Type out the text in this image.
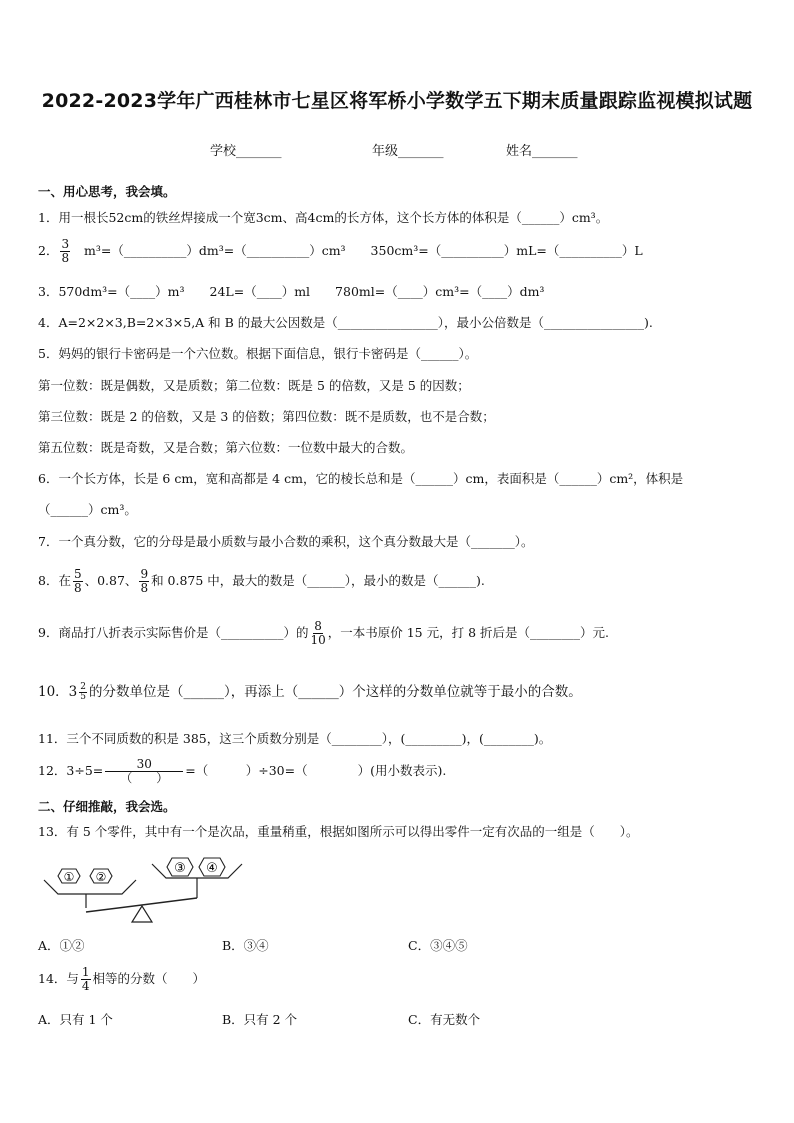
2022-2023学年广西桂林市七星区将军桥小学数学五下期末质量跟踪监视模拟试题
学校_______	年级_______	姓名_______
一、用心思考，我会填。
1．用一根长52cm的铁丝焊接成一个宽3cm、高4cm的长方体，这个长方体的体积是（______）cm³。
2． $\frac{3}{8}$ m³=（__________）dm³=（__________）cm³　　350cm³=（__________）mL=（__________）L
3．570dm³=（____）m³　　24L=（____）ml　　780ml=（____）cm³=（____）dm³
4．A=2×2×3,B=2×3×5,A 和 B 的最大公因数是（________________），最小公倍数是（________________).
5．妈妈的银行卡密码是一个六位数。根据下面信息，银行卡密码是（______）。
第一位数：既是偶数，又是质数；第二位数：既是 5 的倍数，又是 5 的因数；
第三位数：既是 2 的倍数，又是 3 的倍数；第四位数：既不是质数，也不是合数；
第五位数：既是奇数，又是合数；第六位数：一位数中最大的合数。
6．一个长方体，长是 6 cm，宽和高都是 4 cm，它的棱长总和是（______）cm，表面积是（______）cm²，体积是
（______）cm³。
7．一个真分数，它的分母是最小质数与最小合数的乘积，这个真分数最大是（_______）。
8．在 $\frac{5}{8}$ 、0.87、 $\frac{9}{8}$ 和 0.875 中，最大的数是（______），最小的数是（______).
9．商品打八折表示实际售价是（__________）的 $\frac{8}{10}$ ，一本书原价 15 元，打 8 折后是（________）元.
10．$3 \frac{2}{5}$ 的分数单位是（______），再添上（______）个这样的分数单位就等于最小的合数。
11．三个不同质数的积是 385，这三个质数分别是（________），(_________)，(________)。
12．$3\div 5= \frac{30}{( )}$ =（　　　）÷30=（　　　　）(用小数表示).
二、仔细推敲，我会选。
13．有 5 个零件，其中有一个是次品，重量稍重，根据如图所示可以得出零件一定有次品的一组是（　　）。
① ②
③ ④
A．①②	B．③④	C．③④⑤
14．与 $\frac{1}{4}$ 相等的分数（　　）
A．只有 1 个	B．只有 2 个	C．有无数个
